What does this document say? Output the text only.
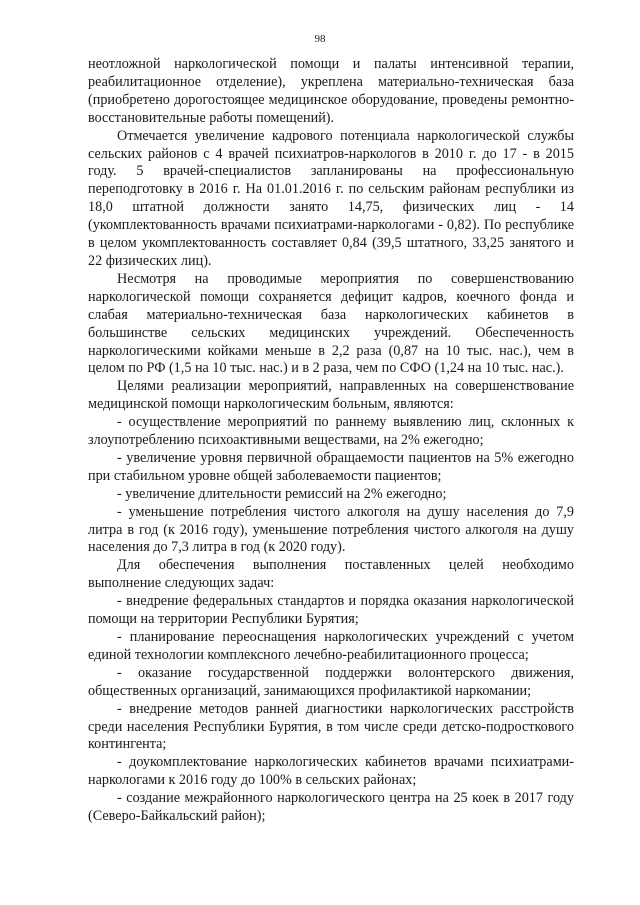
98

неотложной наркологической помощи и палаты интенсивной терапии, реабилитационное отделение), укреплена материально-техническая база (приобретено дорогостоящее медицинское оборудование, проведены ремонтно-восстановительные работы помещений).

Отмечается увеличение кадрового потенциала наркологической службы сельских районов с 4 врачей психиатров-наркологов в 2010 г. до 17 - в 2015 году. 5 врачей-специалистов запланированы на профессиональную переподготовку в 2016 г. На 01.01.2016 г. по сельским районам республики из 18,0 штатной должности занято 14,75, физических лиц - 14 (укомплектованность врачами психиатрами-наркологами - 0,82). По республике в целом укомплектованность составляет 0,84 (39,5 штатного, 33,25 занятого и 22 физических лиц).

Несмотря на проводимые мероприятия по совершенствованию наркологической помощи сохраняется дефицит кадров, коечного фонда и слабая материально-техническая база наркологических кабинетов в большинстве сельских медицинских учреждений. Обеспеченность наркологическими койками меньше в 2,2 раза (0,87 на 10 тыс. нас.), чем в целом по РФ (1,5 на 10 тыс. нас.) и в 2 раза, чем по СФО (1,24 на 10 тыс. нас.).

Целями реализации мероприятий, направленных на совершенствование медицинской помощи наркологическим больным, являются:

- осуществление мероприятий по раннему выявлению лиц, склонных к злоупотреблению психоактивными веществами, на 2% ежегодно;

- увеличение уровня первичной обращаемости пациентов на 5% ежегодно при стабильном уровне общей заболеваемости пациентов;

- увеличение длительности ремиссий на 2% ежегодно;

- уменьшение потребления чистого алкоголя на душу населения до 7,9 литра в год (к 2016 году), уменьшение потребления чистого алкоголя на душу населения до 7,3 литра в год (к 2020 году).

Для обеспечения выполнения поставленных целей необходимо выполнение следующих задач:

- внедрение федеральных стандартов и порядка оказания наркологической помощи на территории Республики Бурятия;

- планирование переоснащения наркологических учреждений с учетом единой технологии комплексного лечебно-реабилитационного процесса;

- оказание государственной поддержки волонтерского движения, общественных организаций, занимающихся профилактикой наркомании;

- внедрение методов ранней диагностики наркологических расстройств среди населения Республики Бурятия, в том числе среди детско-подросткового контингента;

- доукомплектование наркологических кабинетов врачами психиатрами-наркологами к 2016 году до 100% в сельских районах;

- создание межрайонного наркологического центра на 25 коек в 2017 году (Северо-Байкальский район);
